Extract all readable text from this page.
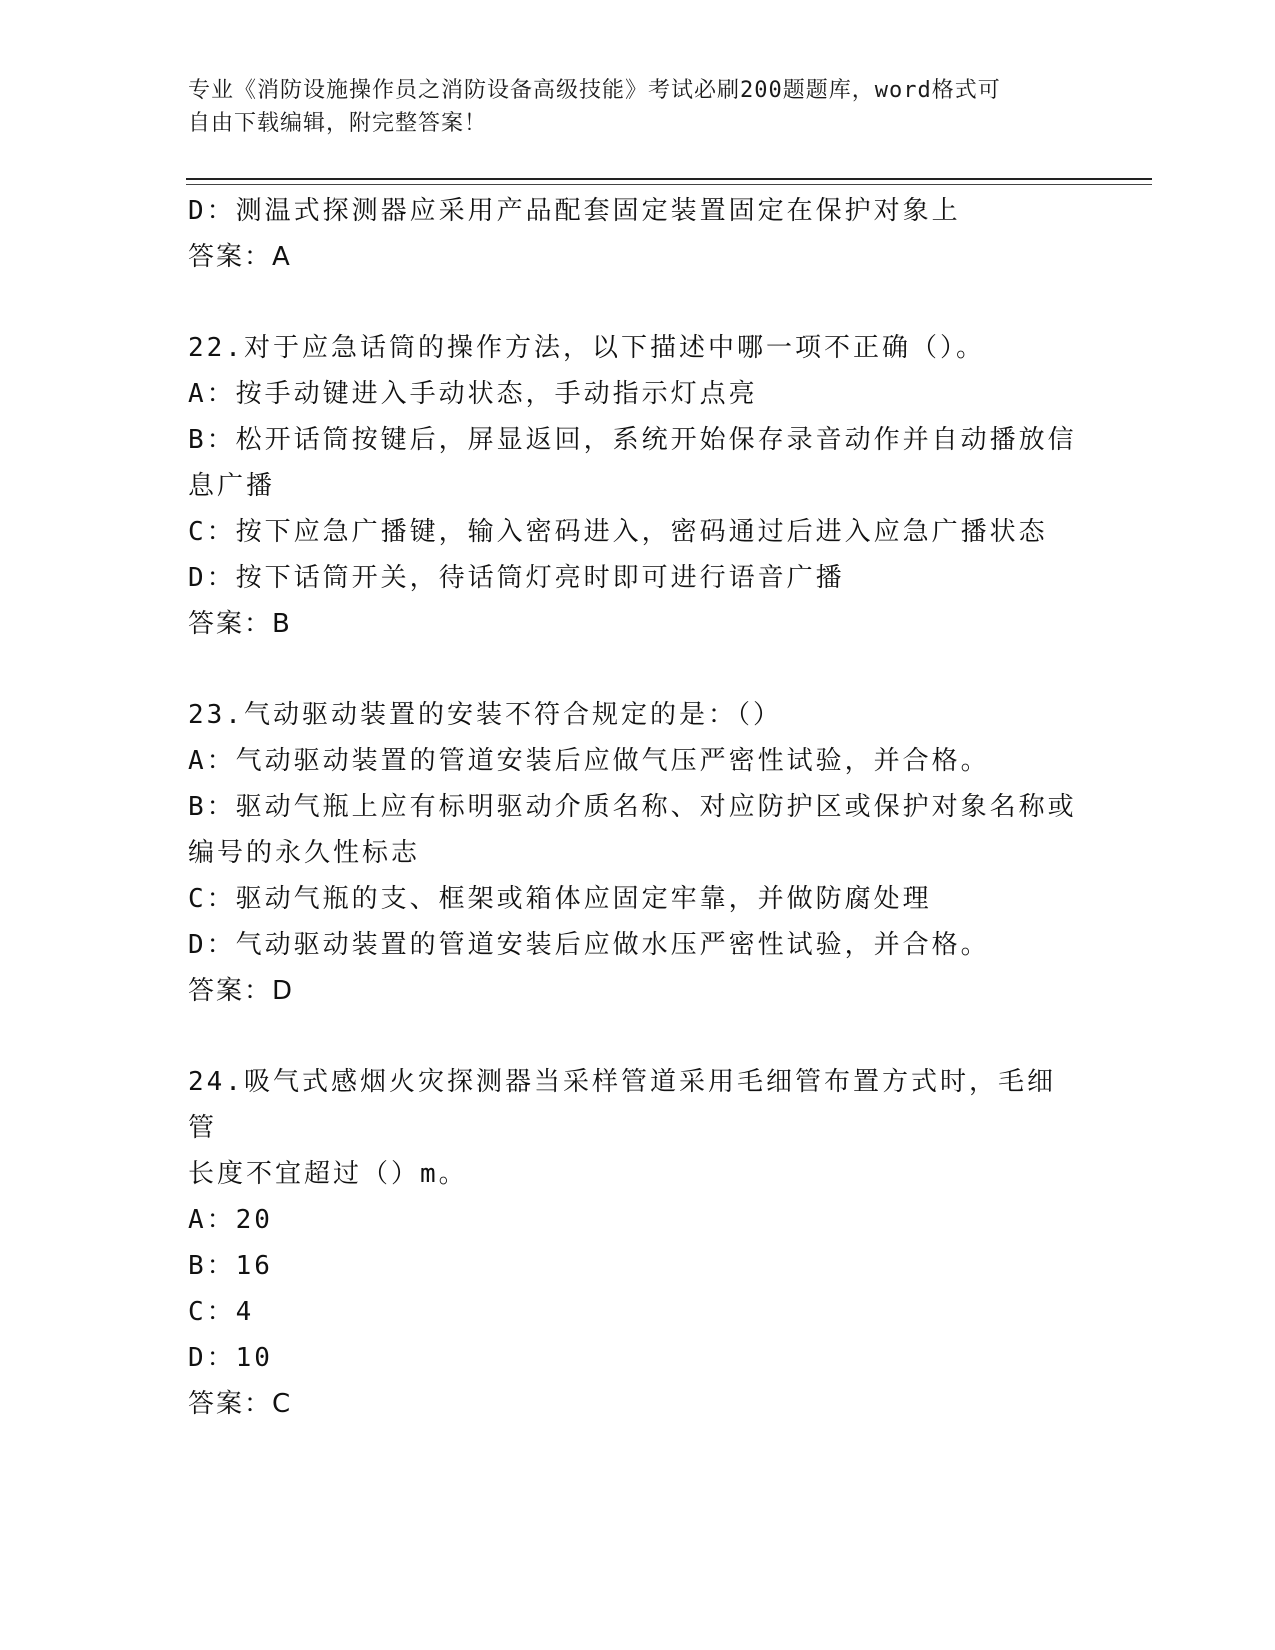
专业《消防设施操作员之消防设备高级技能》考试必刷200题题库，word格式可
自由下载编辑，附完整答案！
D：测温式探测器应采用产品配套固定装置固定在保护对象上
答案：A
22.对于应急话筒的操作方法，以下描述中哪一项不正确（）。
A：按手动键进入手动状态，手动指示灯点亮
B：松开话筒按键后，屏显返回，系统开始保存录音动作并自动播放信
息广播
C：按下应急广播键，输入密码进入，密码通过后进入应急广播状态
D：按下话筒开关，待话筒灯亮时即可进行语音广播
答案：B
23.气动驱动装置的安装不符合规定的是：（）
A：气动驱动装置的管道安装后应做气压严密性试验，并合格。
B：驱动气瓶上应有标明驱动介质名称、对应防护区或保护对象名称或
编号的永久性标志
C：驱动气瓶的支、框架或箱体应固定牢靠，并做防腐处理
D：气动驱动装置的管道安装后应做水压严密性试验，并合格。
答案：D
24.吸气式感烟火灾探测器当采样管道采用毛细管布置方式时，毛细管
长度不宜超过（）m。
A：20
B：16
C：4
D：10
答案：C
